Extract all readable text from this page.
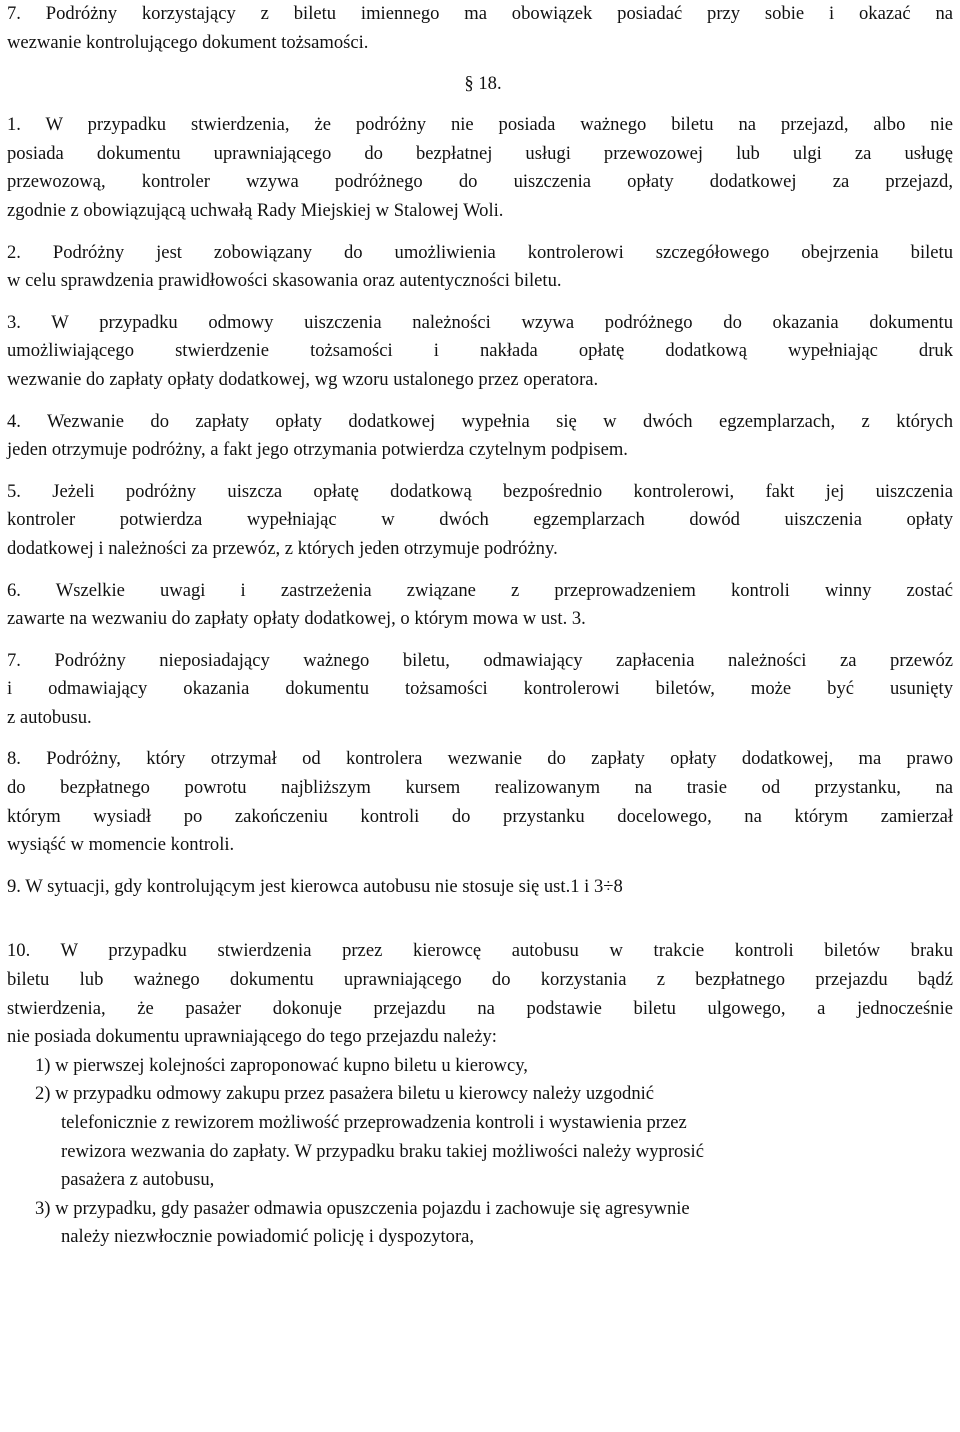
7. Podróżny korzystający z biletu imiennego ma obowiązek posiadać przy sobie i okazać na
wezwanie kontrolującego dokument tożsamości.
§ 18.
1. W przypadku stwierdzenia, że podróżny nie posiada ważnego biletu na przejazd, albo nie
posiada dokumentu uprawniającego do bezpłatnej usługi przewozowej lub ulgi za usługę
przewozową, kontroler wzywa podróżnego do uiszczenia opłaty dodatkowej za przejazd,
zgodnie z obowiązującą uchwałą Rady Miejskiej w Stalowej Woli.
2. Podróżny jest zobowiązany do umożliwienia kontrolerowi szczegółowego obejrzenia biletu
w celu sprawdzenia prawidłowości skasowania oraz autentyczności biletu.
3. W przypadku odmowy uiszczenia należności wzywa podróżnego do okazania dokumentu
umożliwiającego stwierdzenie tożsamości i nakłada opłatę dodatkową wypełniając druk
wezwanie do zapłaty opłaty dodatkowej, wg wzoru ustalonego przez operatora.
4. Wezwanie do zapłaty opłaty dodatkowej wypełnia się w dwóch egzemplarzach, z których
jeden otrzymuje podróżny, a fakt jego otrzymania potwierdza czytelnym podpisem.
5. Jeżeli podróżny uiszcza opłatę dodatkową bezpośrednio kontrolerowi, fakt jej uiszczenia
kontroler potwierdza wypełniając w dwóch egzemplarzach dowód uiszczenia opłaty
dodatkowej i należności za przewóz, z których jeden otrzymuje podróżny.
6. Wszelkie uwagi i zastrzeżenia związane z przeprowadzeniem kontroli winny zostać
zawarte na wezwaniu do zapłaty opłaty dodatkowej, o którym mowa w ust. 3.
7. Podróżny nieposiadający ważnego biletu, odmawiający zapłacenia należności za przewóz
i odmawiający okazania dokumentu tożsamości kontrolerowi biletów, może być usunięty
z autobusu.
8. Podróżny, który otrzymał od kontrolera wezwanie do zapłaty opłaty dodatkowej, ma prawo
do bezpłatnego powrotu najbliższym kursem realizowanym na trasie od przystanku, na
którym wysiadł po zakończeniu kontroli do przystanku docelowego, na którym zamierzał
wysiąść w momencie kontroli.
9. W sytuacji, gdy kontrolującym jest kierowca autobusu nie stosuje się ust.1 i 3÷8
10. W przypadku stwierdzenia przez kierowcę autobusu w trakcie kontroli biletów braku
biletu lub ważnego dokumentu uprawniającego do korzystania z bezpłatnego przejazdu bądź
stwierdzenia, że pasażer dokonuje przejazdu na podstawie biletu ulgowego, a jednocześnie
nie posiada dokumentu uprawniającego do tego przejazdu należy:
1) w pierwszej kolejności zaproponować kupno biletu u kierowcy,
2) w przypadku odmowy zakupu przez pasażera biletu u kierowcy należy uzgodnić
telefonicznie z rewizorem możliwość przeprowadzenia kontroli i wystawienia przez
rewizora wezwania do zapłaty. W przypadku braku takiej możliwości należy wyprosić
pasażera z autobusu,
3) w przypadku, gdy pasażer odmawia opuszczenia pojazdu i zachowuje się agresywnie
należy niezwłocznie powiadomić policję i dyspozytora,
